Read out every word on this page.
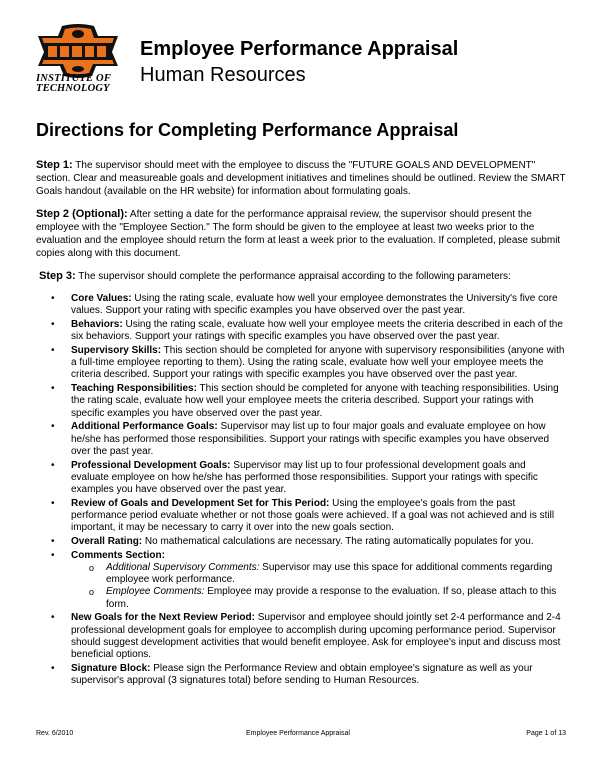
INSTITUTE OF
TECHNOLOGY
Employee Performance Appraisal
Human Resources
Directions for Completing Performance Appraisal

Step 1: The supervisor should meet with the employee to discuss the "FUTURE GOALS AND DEVELOPMENT" section. Clear and measureable goals and development initiatives and timelines should be outlined. Review the SMART Goals handout (available on the HR website) for information about formulating goals.

Step 2 (Optional): After setting a date for the performance appraisal review, the supervisor should present the employee with the "Employee Section." The form should be given to the employee at least two weeks prior to the evaluation and the employee should return the form at least a week prior to the evaluation. If completed, please submit copies along with this document.

Step 3: The supervisor should complete the performance appraisal according to the following parameters:

• Core Values: Using the rating scale, evaluate how well your employee demonstrates the University's five core values. Support your rating with specific examples you have observed over the past year.
• Behaviors: Using the rating scale, evaluate how well your employee meets the criteria described in each of the six behaviors. Support your ratings with specific examples you have observed over the past year.
• Supervisory Skills: This section should be completed for anyone with supervisory responsibilities (anyone with a full-time employee reporting to them). Using the rating scale, evaluate how well your employee meets the criteria described. Support your ratings with specific examples you have observed over the past year.
• Teaching Responsibilities: This section should be completed for anyone with teaching responsibilities. Using the rating scale, evaluate how well your employee meets the criteria described. Support your ratings with specific examples you have observed over the past year.
• Additional Performance Goals: Supervisor may list up to four major goals and evaluate employee on how he/she has performed those responsibilities. Support your ratings with specific examples you have observed over the past year.
• Professional Development Goals: Supervisor may list up to four professional development goals and evaluate employee on how he/she has performed those responsibilities. Support your ratings with specific examples you have observed over the past year.
• Review of Goals and Development Set for This Period: Using the employee's goals from the past performance period evaluate whether or not those goals were achieved. If a goal was not achieved and is still important, it may be necessary to carry it over into the new goals section.
• Overall Rating: No mathematical calculations are necessary. The rating automatically populates for you.
• Comments Section:
o Additional Supervisory Comments: Supervisor may use this space for additional comments regarding employee work performance.
o Employee Comments: Employee may provide a response to the evaluation. If so, please attach to this form.
• New Goals for the Next Review Period: Supervisor and employee should jointly set 2-4 performance and 2-4 professional development goals for employee to accomplish during upcoming performance period. Supervisor should suggest development activities that would benefit employee. Ask for employee's input and discuss most beneficial options.
• Signature Block: Please sign the Performance Review and obtain employee's signature as well as your supervisor's approval (3 signatures total) before sending to Human Resources.
Rev. 6/2010	Employee Performance Appraisal	Page 1 of 13
